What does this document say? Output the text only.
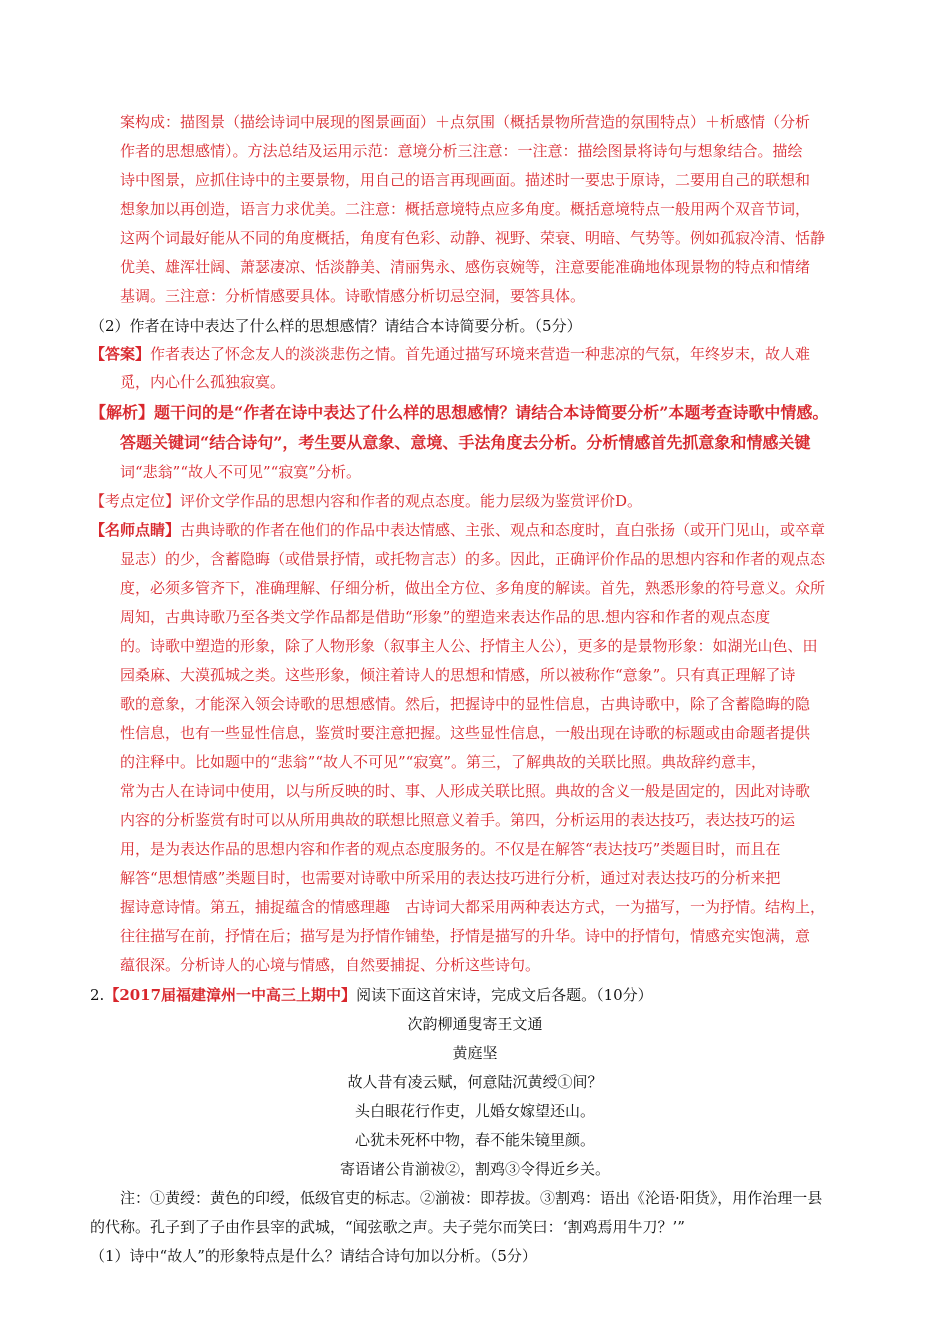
案构成：描图景（描绘诗词中展现的图景画面）＋点氛围（概括景物所营造的氛围特点）＋析感情（分析

作者的思想感情）。方法总结及运用示范：意境分析三注意：一注意：描绘图景将诗句与想象结合。描绘

诗中图景，应抓住诗中的主要景物，用自己的语言再现画面。描述时一要忠于原诗，二要用自己的联想和

想象加以再创造，语言力求优美。二注意：概括意境特点应多角度。概括意境特点一般用两个双音节词，

这两个词最好能从不同的角度概括，角度有色彩、动静、视野、荣衰、明暗、气势等。例如孤寂冷清、恬静

优美、雄浑壮阔、萧瑟凄凉、恬淡静美、清丽隽永、感伤哀婉等，注意要能准确地体现景物的特点和情绪

基调。三注意：分析情感要具体。诗歌情感分析切忌空洞，要答具体。

（2）作者在诗中表达了什么样的思想感情？请结合本诗简要分析。（5分）

【答案】作者表达了怀念友人的淡淡悲伤之情。首先通过描写环境来营造一种悲凉的气氛，年终岁末，故人难

觅，内心什么孤独寂寞。

【解析】题干问的是“作者在诗中表达了什么样的思想感情？请结合本诗简要分析”本题考查诗歌中情感。

答题关键词“结合诗句”，考生要从意象、意境、手法角度去分析。分析情感首先抓意象和情感关键

词“悲翁”“故人不可见”“寂寞”分析。

【考点定位】评价文学作品的思想内容和作者的观点态度。能力层级为鉴赏评价D。

【名师点睛】古典诗歌的作者在他们的作品中表达情感、主张、观点和态度时，直白张扬（或开门见山，或卒章

显志）的少，含蓄隐晦（或借景抒情，或托物言志）的多。因此，正确评价作品的思想内容和作者的观点态

度，必须多管齐下，准确理解、仔细分析，做出全方位、多角度的解读。首先，熟悉形象的符号意义。众所

周知，古典诗歌乃至各类文学作品都是借助“形象”的塑造来表达作品的思.想内容和作者的观点态度

的。诗歌中塑造的形象，除了人物形象（叙事主人公、抒情主人公），更多的是景物形象：如湖光山色、田

园桑麻、大漠孤城之类。这些形象，倾注着诗人的思想和情感，所以被称作“意象”。只有真正理解了诗

歌的意象，才能深入领会诗歌的思想感情。然后，把握诗中的显性信息，古典诗歌中，除了含蓄隐晦的隐

性信息，也有一些显性信息，鉴赏时要注意把握。这些显性信息，一般出现在诗歌的标题或由命题者提供

的注释中。比如题中的“悲翁”“故人不可见”“寂寞”。第三，了解典故的关联比照。典故辞约意丰，

常为古人在诗词中使用，以与所反映的时、事、人形成关联比照。典故的含义一般是固定的，因此对诗歌

内容的分析鉴赏有时可以从所用典故的联想比照意义着手。第四，分析运用的表达技巧，表达技巧的运

用，是为表达作品的思想内容和作者的观点态度服务的。不仅是在解答“表达技巧”类题目时，而且在

解答“思想情感”类题目时，也需要对诗歌中所采用的表达技巧进行分析，通过对表达技巧的分析来把

握诗意诗情。第五，捕捉蕴含的情感理趣　古诗词大都采用两种表达方式，一为描写，一为抒情。结构上，

往往描写在前，抒情在后；描写是为抒情作铺垫，抒情是描写的升华。诗中的抒情句，情感充实饱满，意

蕴很深。分析诗人的心境与情感，自然要捕捉、分析这些诗句。

2.【2017届福建漳州一中高三上期中】阅读下面这首宋诗，完成文后各题。（10分）

次韵柳通叟寄王文通

黄庭坚

故人昔有凌云赋，何意陆沉黄绶①间？

头白眼花行作吏，儿婚女嫁望还山。

心犹未死杯中物，春不能朱镜里颜。

寄语诸公肯湔祓②，割鸡③令得近乡关。

注：①黄绶：黄色的印绶，低级官吏的标志。②湔祓：即荐拔。③割鸡：语出《沦语·阳货》，用作治理一县

的代称。孔子到了子由作县宰的武城，“闻弦歌之声。夫子莞尔而笑曰：‘割鸡焉用牛刀？’”

（1）诗中“故人”的形象特点是什么？请结合诗句加以分析。（5分）
